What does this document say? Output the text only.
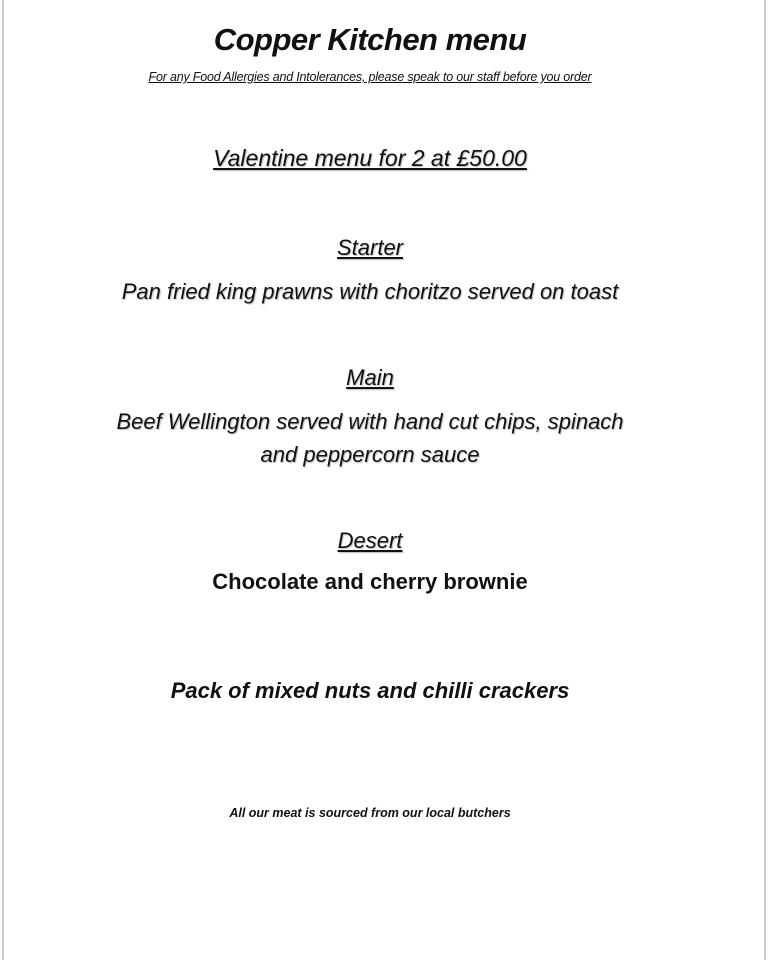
Copper Kitchen menu
For any Food Allergies and Intolerances, please speak to our staff before you order
Valentine menu for 2 at £50.00
Starter
Pan fried king prawns with choritzo served on toast
Main
Beef Wellington served with hand cut chips, spinach
and peppercorn sauce
Desert
Chocolate and cherry brownie
Pack of mixed nuts and chilli crackers
All our meat is sourced from our local butchers
